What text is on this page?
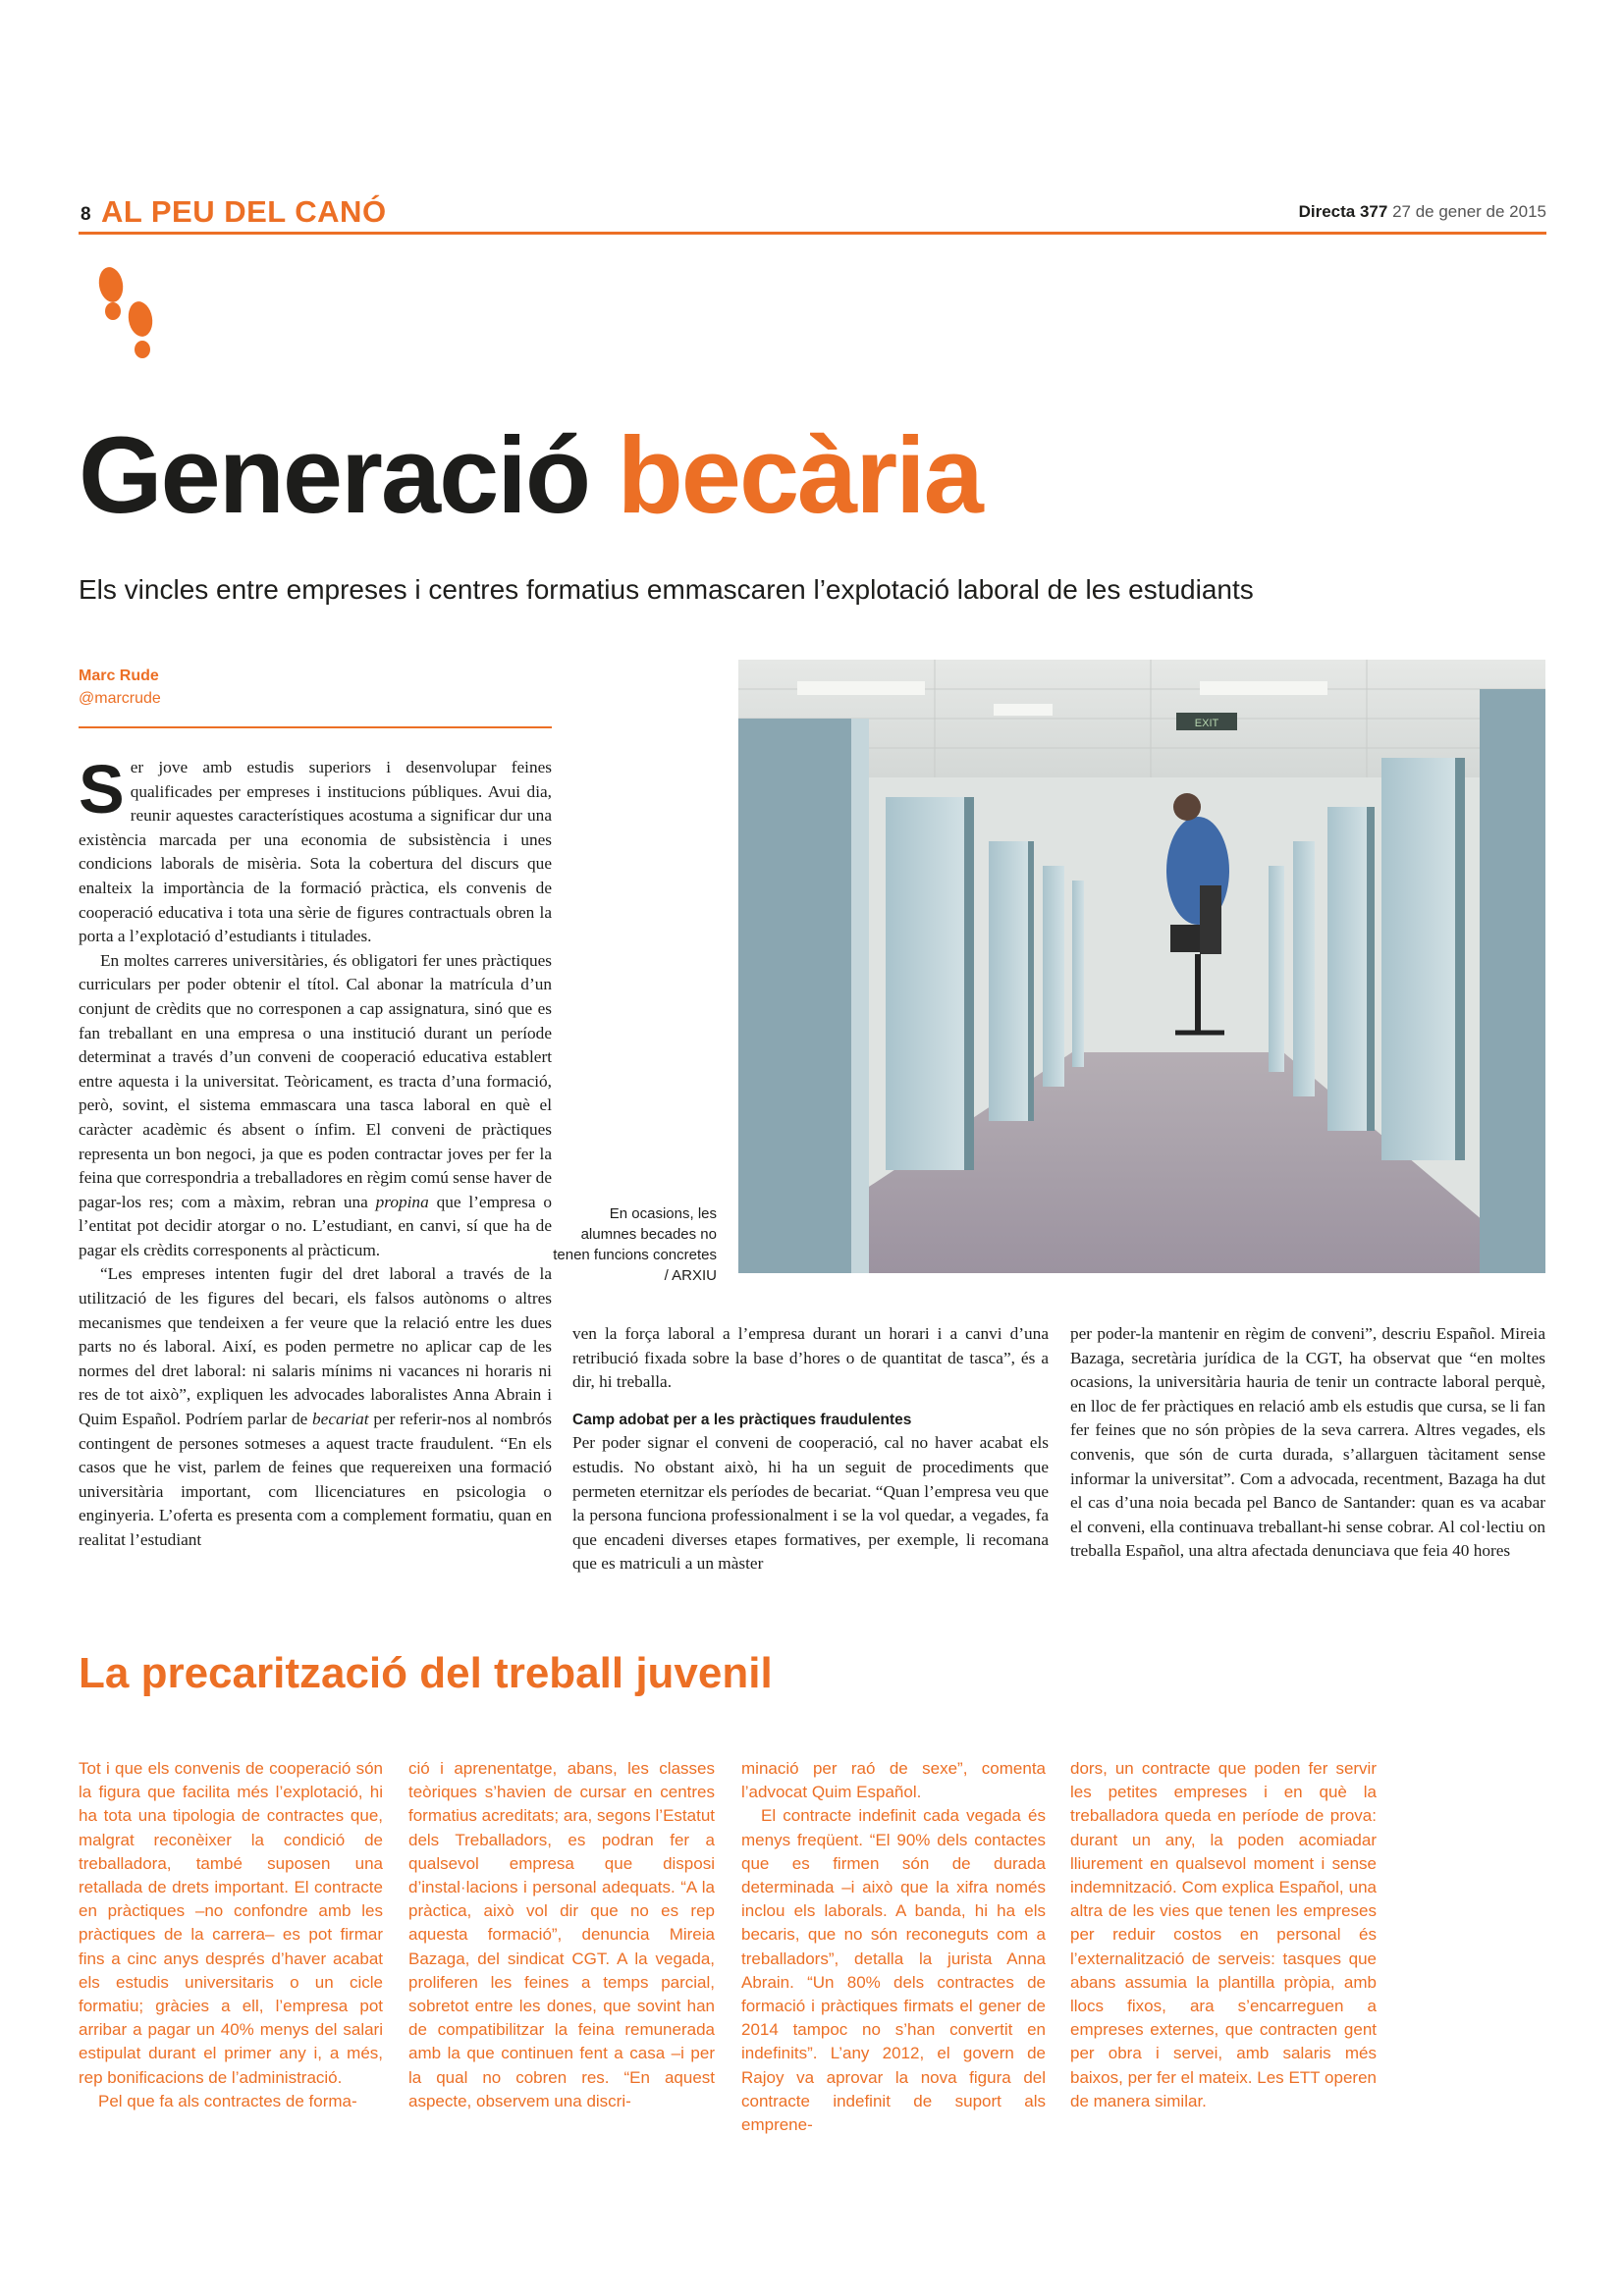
8 AL PEU DEL CANÓ	Directa 377 27 de gener de 2015
Generació becària
Els vincles entre empreses i centres formatius emmascaren l’explotació laboral de les estudiants
Marc Rude
@marcrude

Ser jove amb estudis superiors i desenvolupar feines qualificades per empreses i institucions públiques. Avui dia, reunir aquestes característiques acostuma a significar dur una existència marcada per una economia de subsistència i unes condicions laborals de misèria. Sota la cobertura del discurs que enalteix la importància de la formació pràctica, els convenis de cooperació educativa i tota una sèrie de figures contractuals obren la porta a l’explotació d’estudiants i titulades.

En moltes carreres universitàries, és obligatori fer unes pràctiques curriculars per poder obtenir el títol. Cal abonar la matrícula d’un conjunt de crèdits que no corresponen a cap assignatura, sinó que es fan treballant en una empresa o una institució durant un període determinat a través d’un conveni de cooperació educativa establert entre aquesta i la universitat. Teòricament, es tracta d’una formació, però, sovint, el sistema emmascara una tasca laboral en què el caràcter acadèmic és absent o ínfim. El conveni de pràctiques representa un bon negoci, ja que es poden contractar joves per fer la feina que correspondria a treballadores en règim comú sense haver de pagar-los res; com a màxim, rebran una propina que l’empresa o l’entitat pot decidir atorgar o no. L’estudiant, en canvi, sí que ha de pagar els crèdits corresponents al pràcticum.

“Les empreses intenten fugir del dret laboral a través de la utilització de les figures del becari, els falsos autònoms o altres mecanismes que tendeixen a fer veure que la relació entre les dues parts no és laboral. Així, es poden permetre no aplicar cap de les normes del dret laboral: ni salaris mínims ni vacances ni horaris ni res de tot això”, expliquen les advocades laboralistes Anna Abrain i Quim Español. Podríem parlar de becariat per referir-nos al nombrós contingent de persones sotmeses a aquest tracte fraudulent. “En els casos que he vist, parlem de feines que requereixen una formació universitària important, com llicenciatures en psicologia o enginyeria. L’oferta es presenta com a complement formatiu, quan en realitat l’estudiant

EXIT
En ocasions, les alumnes becades no tenen funcions concretes / ARXIU

ven la força laboral a l’empresa durant un horari i a canvi d’una retribució fixada sobre la base d’hores o de quantitat de tasca”, és a dir, hi treballa.

Camp adobat per a les pràctiques fraudulentes

Per poder signar el conveni de cooperació, cal no haver acabat els estudis. No obstant això, hi ha un seguit de procediments que permeten eternitzar els períodes de becariat. “Quan l’empresa veu que la persona funciona professionalment i se la vol quedar, a vegades, fa que encadeni diverses etapes formatives, per exemple, li recomana que es matriculi a un màster

per poder-la mantenir en règim de conveni”, descriu Español. Mireia Bazaga, secretària jurídica de la CGT, ha observat que “en moltes ocasions, la universitària hauria de tenir un contracte laboral perquè, en lloc de fer pràctiques en relació amb els estudis que cursa, se li fan fer feines que no són pròpies de la seva carrera. Altres vegades, els convenis, que són de curta durada, s’allarguen tàcitament sense informar la universitat”. Com a advocada, recentment, Bazaga ha dut el cas d’una noia becada pel Banco de Santander: quan es va acabar el conveni, ella continuava treballant-hi sense cobrar. Al col·lectiu on treballa Español, una altra afectada denunciava que feia 40 hores

La precarització del treball juvenil

Tot i que els convenis de cooperació són la figura que facilita més l’explotació, hi ha tota una tipologia de contractes que, malgrat reconèixer la condició de treballadora, també suposen una retallada de drets important. El contracte en pràctiques –no confondre amb les pràctiques de la carrera– es pot firmar fins a cinc anys després d’haver acabat els estudis universitaris o un cicle formatiu; gràcies a ell, l’empresa pot arribar a pagar un 40% menys del salari estipulat durant el primer any i, a més, rep bonificacions de l’administració.

Pel que fa als contractes de forma-

ció i aprenentatge, abans, les classes teòriques s’havien de cursar en centres formatius acreditats; ara, segons l’Estatut dels Treballadors, es podran fer a qualsevol empresa que disposi d’instal·lacions i personal adequats. “A la pràctica, això vol dir que no es rep aquesta formació”, denuncia Mireia Bazaga, del sindicat CGT. A la vegada, proliferen les feines a temps parcial, sobretot entre les dones, que sovint han de compatibilitzar la feina remunerada amb la que continuen fent a casa –i per la qual no cobren res. “En aquest aspecte, observem una discri-

minació per raó de sexe”, comenta l’advocat Quim Español.

El contracte indefinit cada vegada és menys freqüent. “El 90% dels contactes que es firmen són de durada determinada –i això que la xifra només inclou els laborals. A banda, hi ha els becaris, que no són reconeguts com a treballadors”, detalla la jurista Anna Abrain. “Un 80% dels contractes de formació i pràctiques firmats el gener de 2014 tampoc no s’han convertit en indefinits”. L’any 2012, el govern de Rajoy va aprovar la nova figura del contracte indefinit de suport als emprene-

dors, un contracte que poden fer servir les petites empreses i en què la treballadora queda en període de prova: durant un any, la poden acomiadar lliurement en qualsevol moment i sense indemnització. Com explica Español, una altra de les vies que tenen les empreses per reduir costos en personal és l’externalització de serveis: tasques que abans assumia la plantilla pròpia, amb llocs fixos, ara s’encarreguen a empreses externes, que contracten gent per obra i servei, amb salaris més baixos, per fer el mateix. Les ETT operen de manera similar.
